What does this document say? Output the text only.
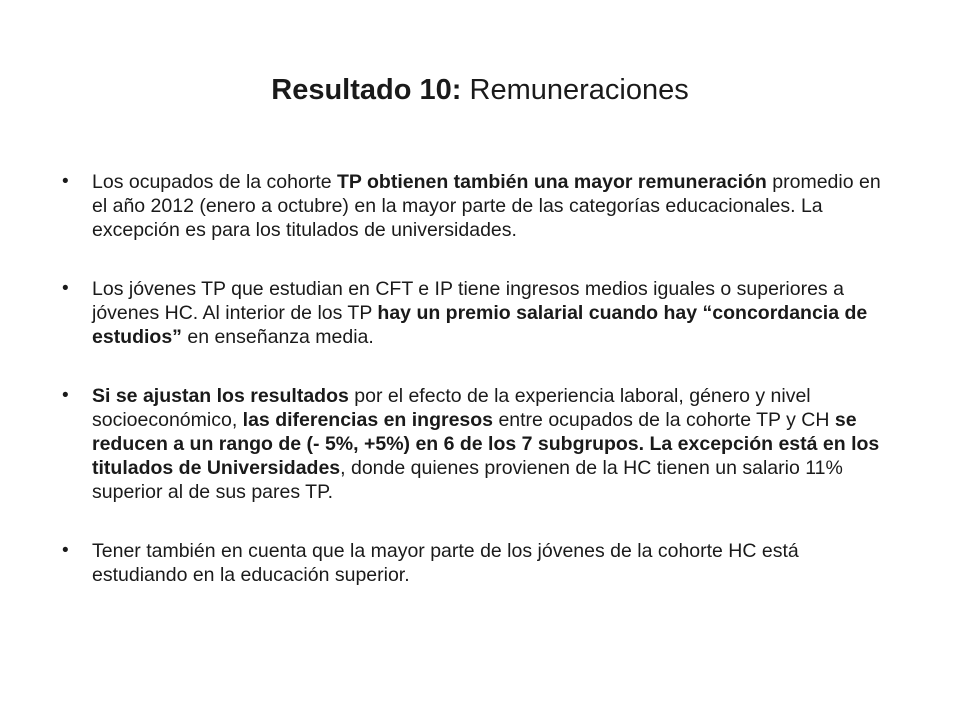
Resultado 10: Remuneraciones
• Los ocupados de la cohorte TP obtienen también una mayor remuneración promedio en el año 2012 (enero a octubre) en la mayor parte de las categorías educacionales. La excepción es para los titulados de universidades.
• Los jóvenes TP que estudian en CFT e IP tiene ingresos medios iguales o superiores a jóvenes HC. Al interior de los TP hay un premio salarial cuando hay “concordancia de estudios” en enseñanza media.
• Si se ajustan los resultados por el efecto de la experiencia laboral, género y nivel socioeconómico, las diferencias en ingresos entre ocupados de la cohorte TP y CH se reducen a un rango de (- 5%, +5%) en 6 de los 7 subgrupos. La excepción está en los titulados de Universidades, donde quienes provienen de la HC tienen un salario 11% superior al de sus pares TP.
• Tener también en cuenta que la mayor parte de los jóvenes de la cohorte HC está estudiando en la educación superior.
